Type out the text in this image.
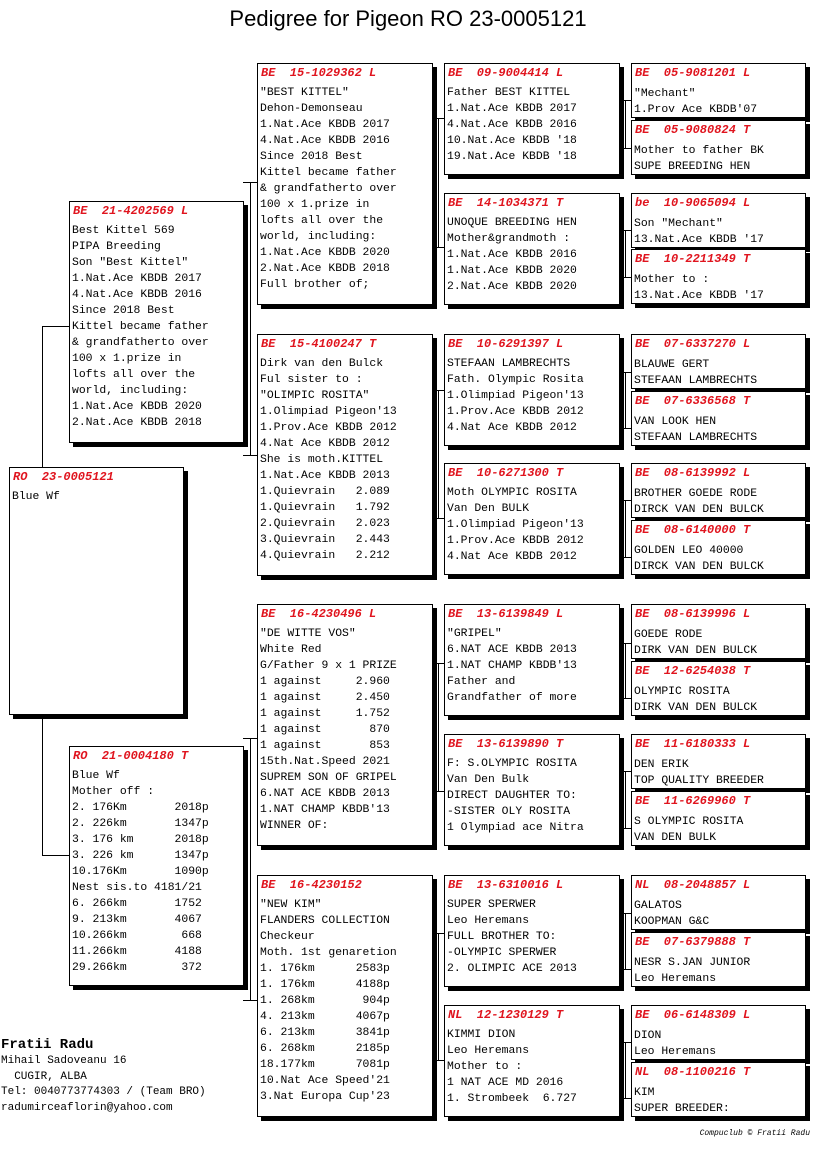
Pedigree for Pigeon RO 23-0005121
RO  23-0005121
Blue Wf
BE  21-4202569 L
Best Kittel 569
PIPA Breeding
Son "Best Kittel"
1.Nat.Ace KBDB 2017
4.Nat.Ace KBDB 2016
Since 2018 Best
Kittel became father
& grandfatherto over
100 x 1.prize in
lofts all over the
world, including:
1.Nat.Ace KBDB 2020
2.Nat.Ace KBDB 2018
RO  21-0004180 T
Blue Wf
Mother off :
2. 176Km       2018p
2. 226km       1347p
3. 176 km      2018p
3. 226 km      1347p
10.176Km       1090p
Nest sis.to 4181/21
6. 266km       1752
9. 213km       4067
10.266km        668
11.266km       4188
29.266km        372
BE  15-1029362 L
"BEST KITTEL"
Dehon-Demonseau
1.Nat.Ace KBDB 2017
4.Nat.Ace KBDB 2016
Since 2018 Best
Kittel became father
& grandfatherto over
100 x 1.prize in
lofts all over the
world, including:
1.Nat.Ace KBDB 2020
2.Nat.Ace KBDB 2018
Full brother of;
BE  15-4100247 T
Dirk van den Bulck
Ful sister to :
"OLIMPIC ROSITA"
1.Olimpiad Pigeon'13
1.Prov.Ace KBDB 2012
4.Nat Ace KBDB 2012
She is moth.KITTEL
1.Nat.Ace KBDB 2013
1.Quievrain   2.089
1.Quievrain   1.792
2.Quievrain   2.023
3.Quievrain   2.443
4.Quievrain   2.212
BE  16-4230496 L
"DE WITTE VOS"
White Red
G/Father 9 x 1 PRIZE
1 against     2.960
1 against     2.450
1 against     1.752
1 against       870
1 against       853
15th.Nat.Speed 2021
SUPREM SON OF GRIPEL
6.NAT ACE KBDB 2013
1.NAT CHAMP KBDB'13
WINNER OF:
BE  16-4230152
"NEW KIM"
FLANDERS COLLECTION
Checkeur
Moth. 1st genaretion
1. 176km      2583p
1. 176km      4188p
1. 268km       904p
4. 213km      4067p
6. 213km      3841p
6. 268km      2185p
18.177km      7081p
10.Nat Ace Speed'21
3.Nat Europa Cup'23
BE  09-9004414 L
Father BEST KITTEL
1.Nat.Ace KBDB 2017
4.Nat.Ace KBDB 2016
10.Nat.Ace KBDB '18
19.Nat.Ace KBDB '18
BE  14-1034371 T
UNOQUE BREEDING HEN
Mother&grandmoth :
1.Nat.Ace KBDB 2016
1.Nat.Ace KBDB 2020
2.Nat.Ace KBDB 2020
BE  10-6291397 L
STEFAAN LAMBRECHTS
Fath. Olympic Rosita
1.Olimpiad Pigeon'13
1.Prov.Ace KBDB 2012
4.Nat Ace KBDB 2012
BE  10-6271300 T
Moth OLYMPIC ROSITA
Van Den BULK
1.Olimpiad Pigeon'13
1.Prov.Ace KBDB 2012
4.Nat Ace KBDB 2012
BE  13-6139849 L
"GRIPEL"
6.NAT ACE KBDB 2013
1.NAT CHAMP KBDB'13
Father and
Grandfather of more
BE  13-6139890 T
F: S.OLYMPIC ROSITA
Van Den Bulk
DIRECT DAUGHTER TO:
-SISTER OLY ROSITA
1 Olympiad ace Nitra
BE  13-6310016 L
SUPER SPERWER
Leo Heremans
FULL BROTHER TO:
-OLYMPIC SPERWER
2. OLIMPIC ACE 2013
NL  12-1230129 T
KIMMI DION
Leo Heremans
Mother to :
1 NAT ACE MD 2016
1. Strombeek  6.727
BE  05-9081201 L
"Mechant"
1.Prov Ace KBDB'07
BE  05-9080824 T
Mother to father BK
SUPE BREEDING HEN
be  10-9065094 L
Son "Mechant"
13.Nat.Ace KBDB '17
BE  10-2211349 T
Mother to :
13.Nat.Ace KBDB '17
BE  07-6337270 L
BLAUWE GERT
STEFAAN LAMBRECHTS
BE  07-6336568 T
VAN LOOK HEN
STEFAAN LAMBRECHTS
BE  08-6139992 L
BROTHER GOEDE RODE
DIRCK VAN DEN BULCK
BE  08-6140000 T
GOLDEN LEO 40000
DIRCK VAN DEN BULCK
BE  08-6139996 L
GOEDE RODE
DIRK VAN DEN BULCK
BE  12-6254038 T
OLYMPIC ROSITA
DIRK VAN DEN BULCK
BE  11-6180333 L
DEN ERIK
TOP QUALITY BREEDER
BE  11-6269960 T
S OLYMPIC ROSITA
VAN DEN BULK
NL  08-2048857 L
GALATOS
KOOPMAN G&C
BE  07-6379888 T
NESR S.JAN JUNIOR
Leo Heremans
BE  06-6148309 L
DION
Leo Heremans
NL  08-1100216 T
KIM
SUPER BREEDER:
Fratii Radu
Mihail Sadoveanu 16
CUGIR, ALBA
Tel: 0040773774303 / (Team BRO)
radumirceaflorin@yahoo.com
Compuclub © Fratii Radu
